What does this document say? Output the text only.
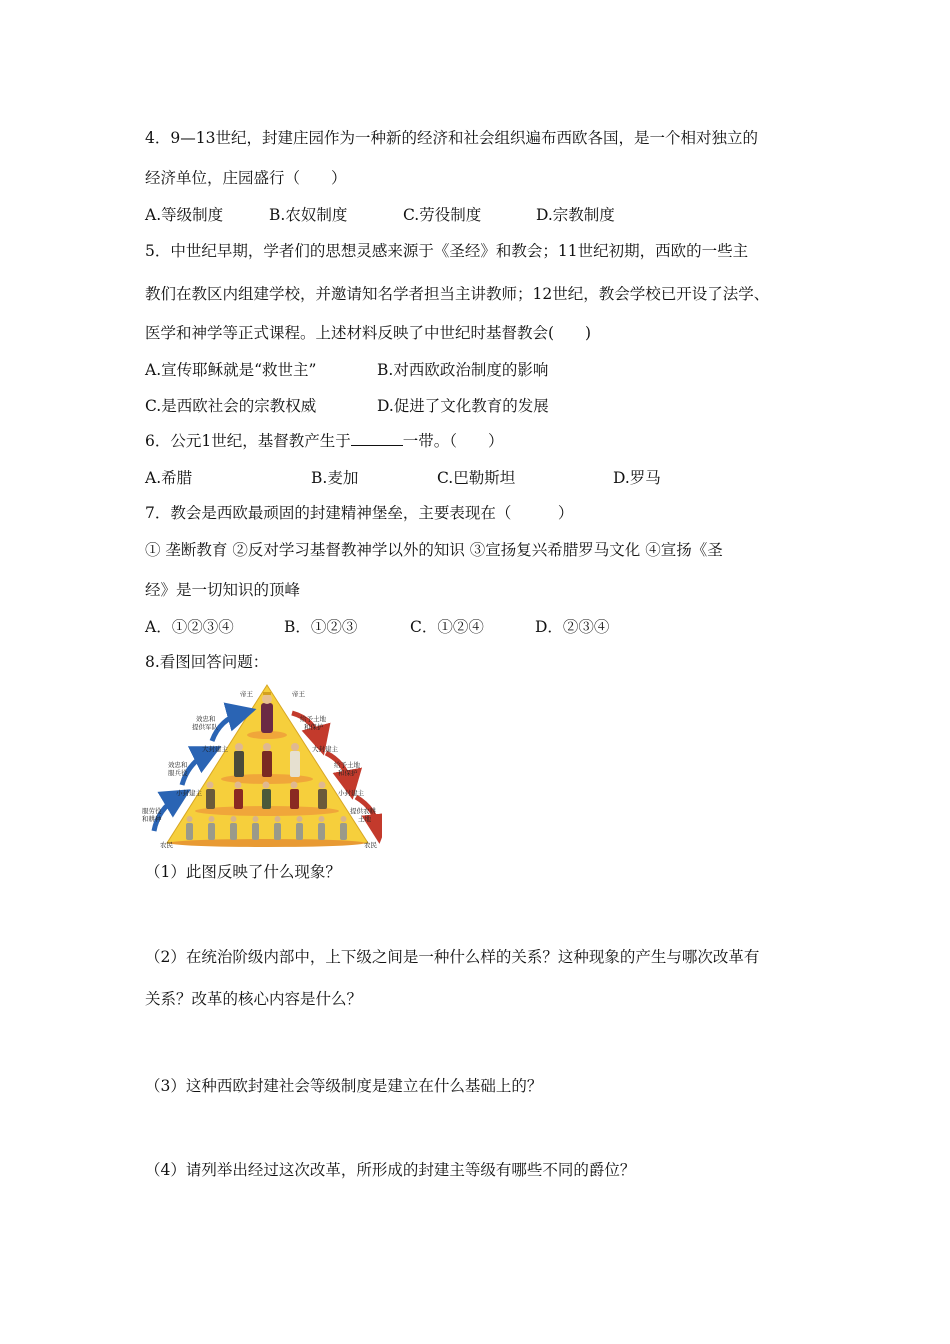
4．9—13世纪，封建庄园作为一种新的经济和社会组织遍布西欧各国，是一个相对独立的
经济单位，庄园盛行（　　）
A.等级制度	B.农奴制度	C.劳役制度	D.宗教制度
5．中世纪早期，学者们的思想灵感来源于《圣经》和教会；11世纪初期，西欧的一些主
教们在教区内组建学校，并邀请知名学者担当主讲教师；12世纪，教会学校已开设了法学、
医学和神学等正式课程。上述材料反映了中世纪时基督教会(　　)
A.宣传耶稣就是“救世主”	B.对西欧政治制度的影响
C.是西欧社会的宗教权威	D.促进了文化教育的发展
6．公元1世纪，基督教产生于	一带。（　　）
A.希腊	B.麦加	C.巴勒斯坦	D.罗马
7．教会是西欧最顽固的封建精神堡垒，主要表现在（　　　）
① 垄断教育 ②反对学习基督教神学以外的知识 ③宣扬复兴希腊罗马文化 ④宣扬《圣
经》是一切知识的顶峰
A．①②③④	B．①②③	C．①②④	D．②③④
8.看图回答问题：
帝王	帝王
大封建主	大封建主
小封建主	小封建主
农民	农民
效忠和
提供军队
效忠和
服兵役
服劳役
和耕种
给予土地
和保护
给予土地
和保护
提供农耕
土地
（1）此图反映了什么现象？
（2）在统治阶级内部中，上下级之间是一种什么样的关系？这种现象的产生与哪次改革有
关系？改革的核心内容是什么？
（3）这种西欧封建社会等级制度是建立在什么基础上的？
（4）请列举出经过这次改革，所形成的封建主等级有哪些不同的爵位？
